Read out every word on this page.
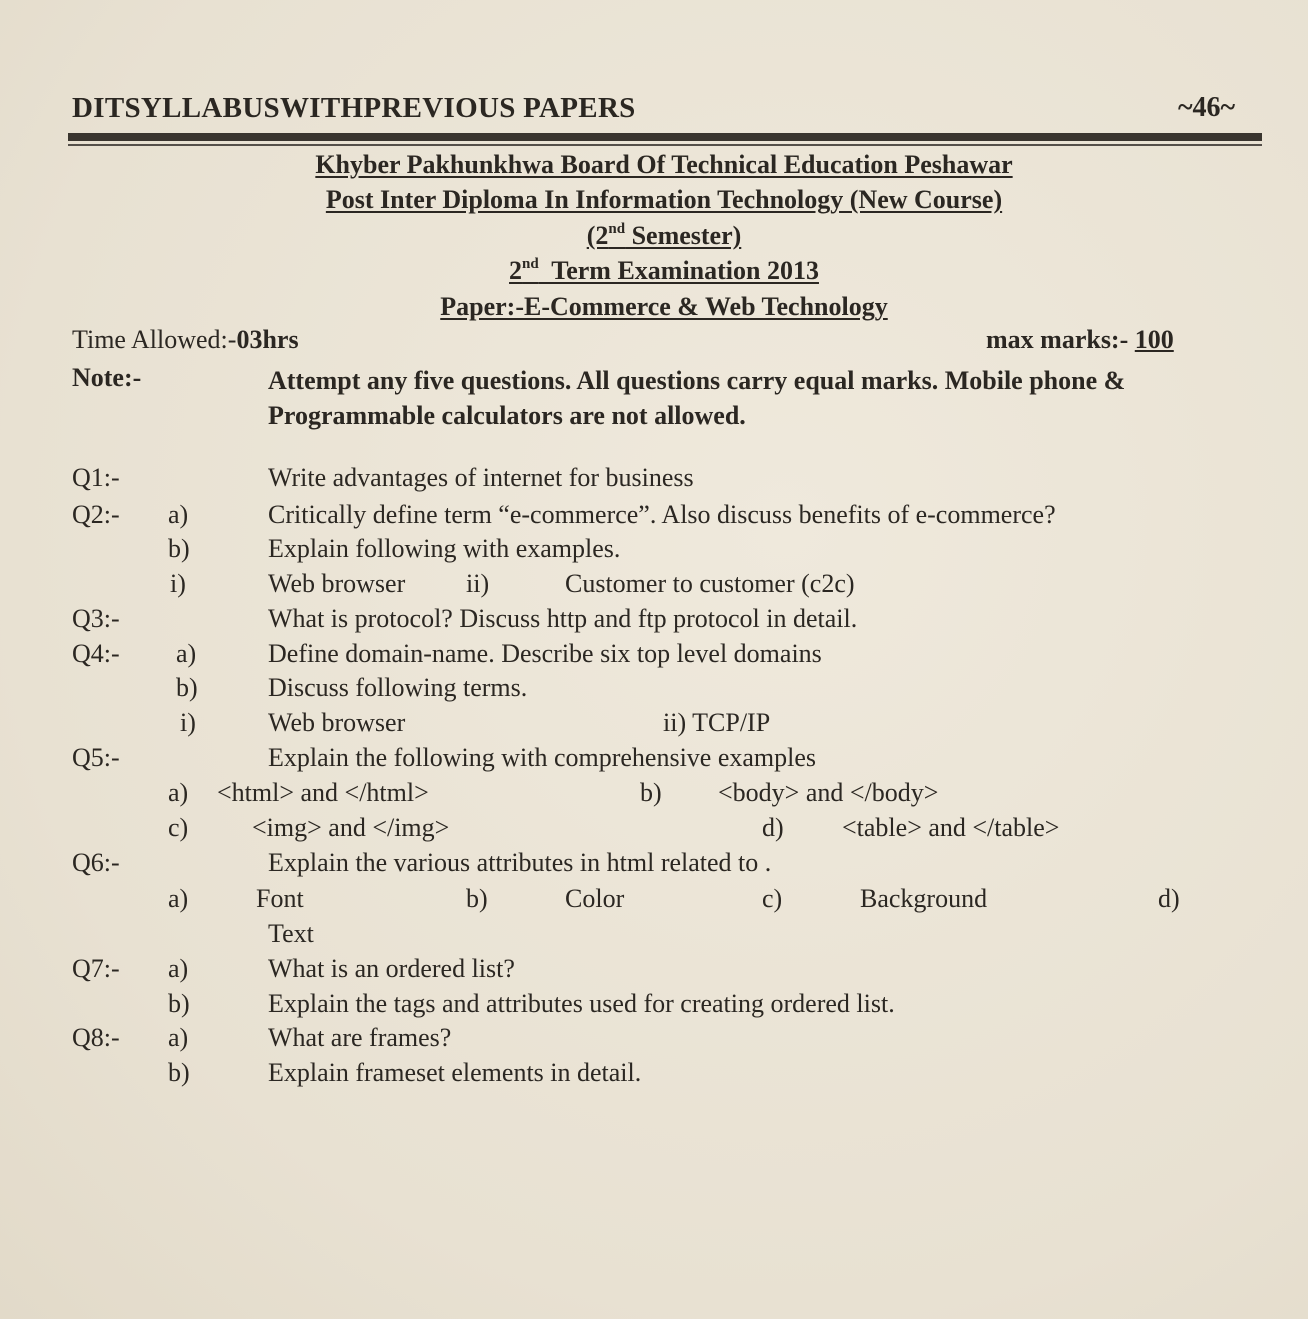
DITSYLLABUSWITHPREVIOUS PAPERS	~46~
Khyber Pakhunkhwa Board Of Technical Education Peshawar
Post Inter Diploma In Information Technology (New Course)
(2nd Semester)
2nd  Term Examination 2013
Paper:-E-Commerce & Web Technology
Time Allowed:-03hrs	max marks:- 100
Note:-	Attempt any five questions. All questions carry equal marks. Mobile phone & Programmable calculators are not allowed.
Q1:-	Write advantages of internet for business
Q2:- a)	Critically define term “e-commerce”. Also discuss benefits of e-commerce?
b)	Explain following with examples.
i)	Web browser ii)	Customer to customer (c2c)
Q3:-	What is protocol? Discuss http and ftp protocol in detail.
Q4:- a)	Define domain-name. Describe six top level domains
b)	Discuss following terms.
i)	Web browser	ii) TCP/IP
Q5:-	Explain the following with comprehensive examples
a) <html> and </html>	b) <body> and </body>
c) <img> and </img>	d) <table> and </table>
Q6:-	Explain the various attributes in html related to .
a)	Font	b)	Color	c)	Background	d)
Text
Q7:- a)	What is an ordered list?
b)	Explain the tags and attributes used for creating ordered list.
Q8:- a)	What are frames?
b)	Explain frameset elements in detail.
